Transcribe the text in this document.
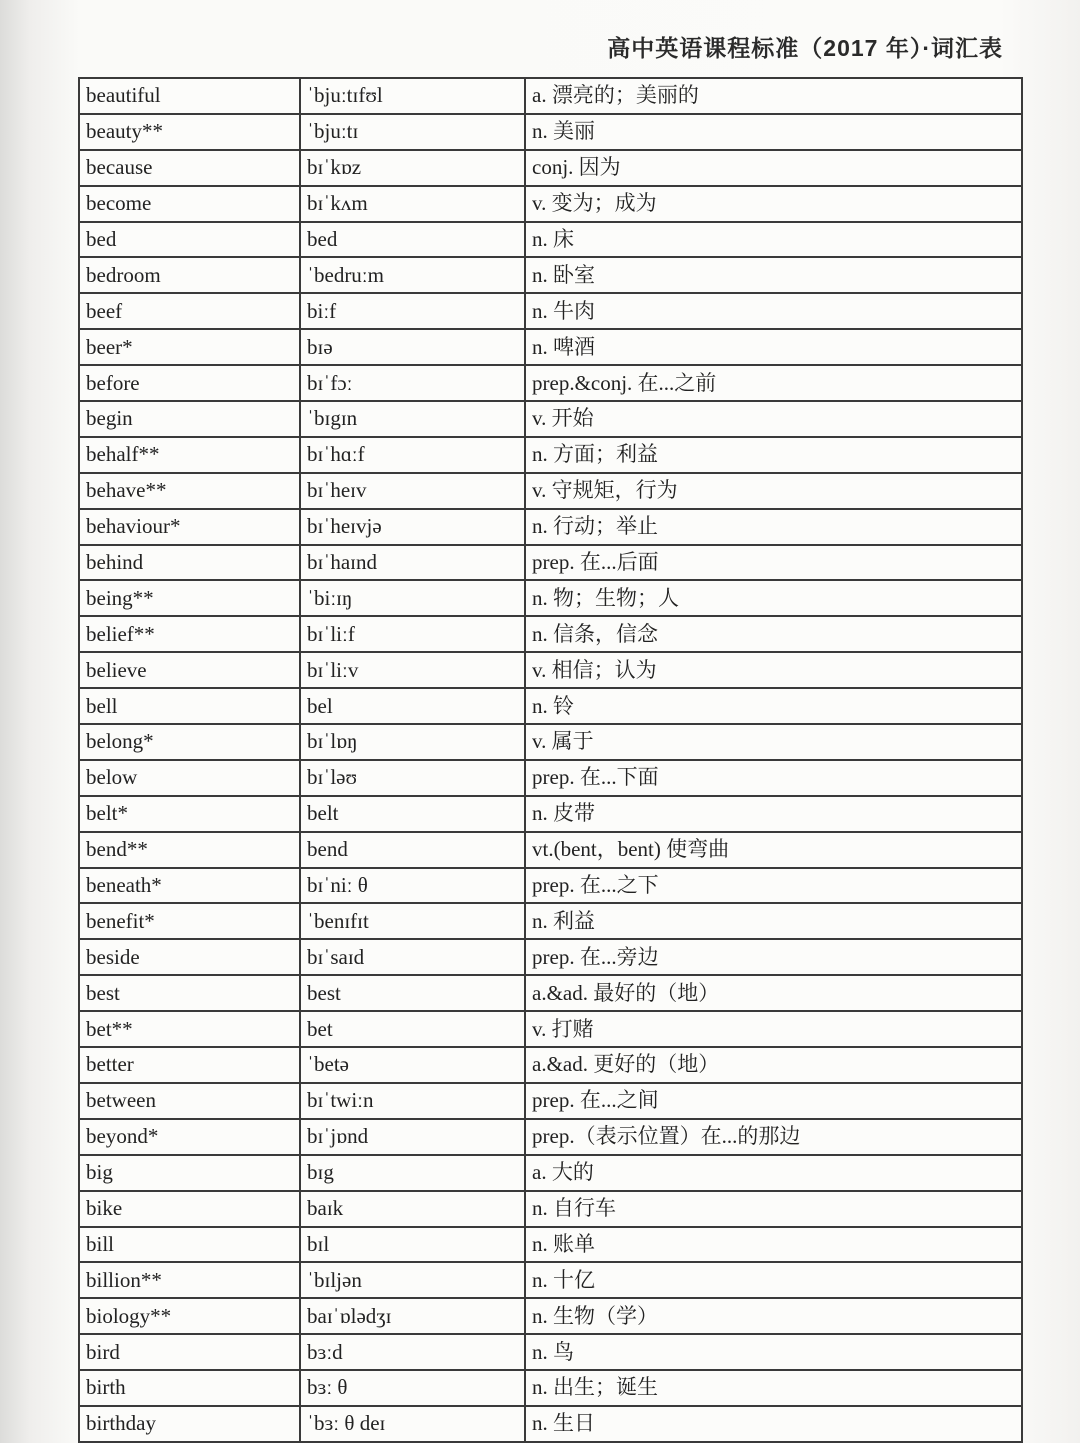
高中英语课程标准（2017 年）·词汇表
beautiful	ˈbjuːtɪfʊl	a. 漂亮的；美丽的
beauty**	ˈbjuːtɪ	n. 美丽
because	bɪˈkɒz	conj. 因为
become	bɪˈkʌm	v. 变为；成为
bed	bed	n. 床
bedroom	ˈbedruːm	n. 卧室
beef	biːf	n. 牛肉
beer*	bɪə	n. 啤酒
before	bɪˈfɔː	prep.&conj. 在...之前
begin	ˈbɪgɪn	v. 开始
behalf**	bɪˈhɑːf	n. 方面；利益
behave**	bɪˈheɪv	v. 守规矩，行为
behaviour*	bɪˈheɪvjə	n. 行动；举止
behind	bɪˈhaɪnd	prep. 在...后面
being**	ˈbiːɪŋ	n. 物；生物；人
belief**	bɪˈliːf	n. 信条，信念
believe	bɪˈliːv	v. 相信；认为
bell	bel	n. 铃
belong*	bɪˈlɒŋ	v. 属于
below	bɪˈləʊ	prep. 在...下面
belt*	belt	n. 皮带
bend**	bend	vt.(bent，bent) 使弯曲
beneath*	bɪˈniː θ	prep. 在...之下
benefit*	ˈbenɪfɪt	n. 利益
beside	bɪˈsaɪd	prep. 在...旁边
best	best	a.&ad. 最好的（地）
bet**	bet	v. 打赌
better	ˈbetə	a.&ad. 更好的（地）
between	bɪˈtwiːn	prep. 在...之间
beyond*	bɪˈjɒnd	prep.（表示位置）在...的那边
big	bɪg	a. 大的
bike	baɪk	n. 自行车
bill	bɪl	n. 账单
billion**	ˈbɪljən	n. 十亿
biology**	baɪˈɒlədʒɪ	n. 生物（学）
bird	bɜːd	n. 鸟
birth	bɜː θ	n. 出生；诞生
birthday	ˈbɜː θ deɪ	n. 生日
